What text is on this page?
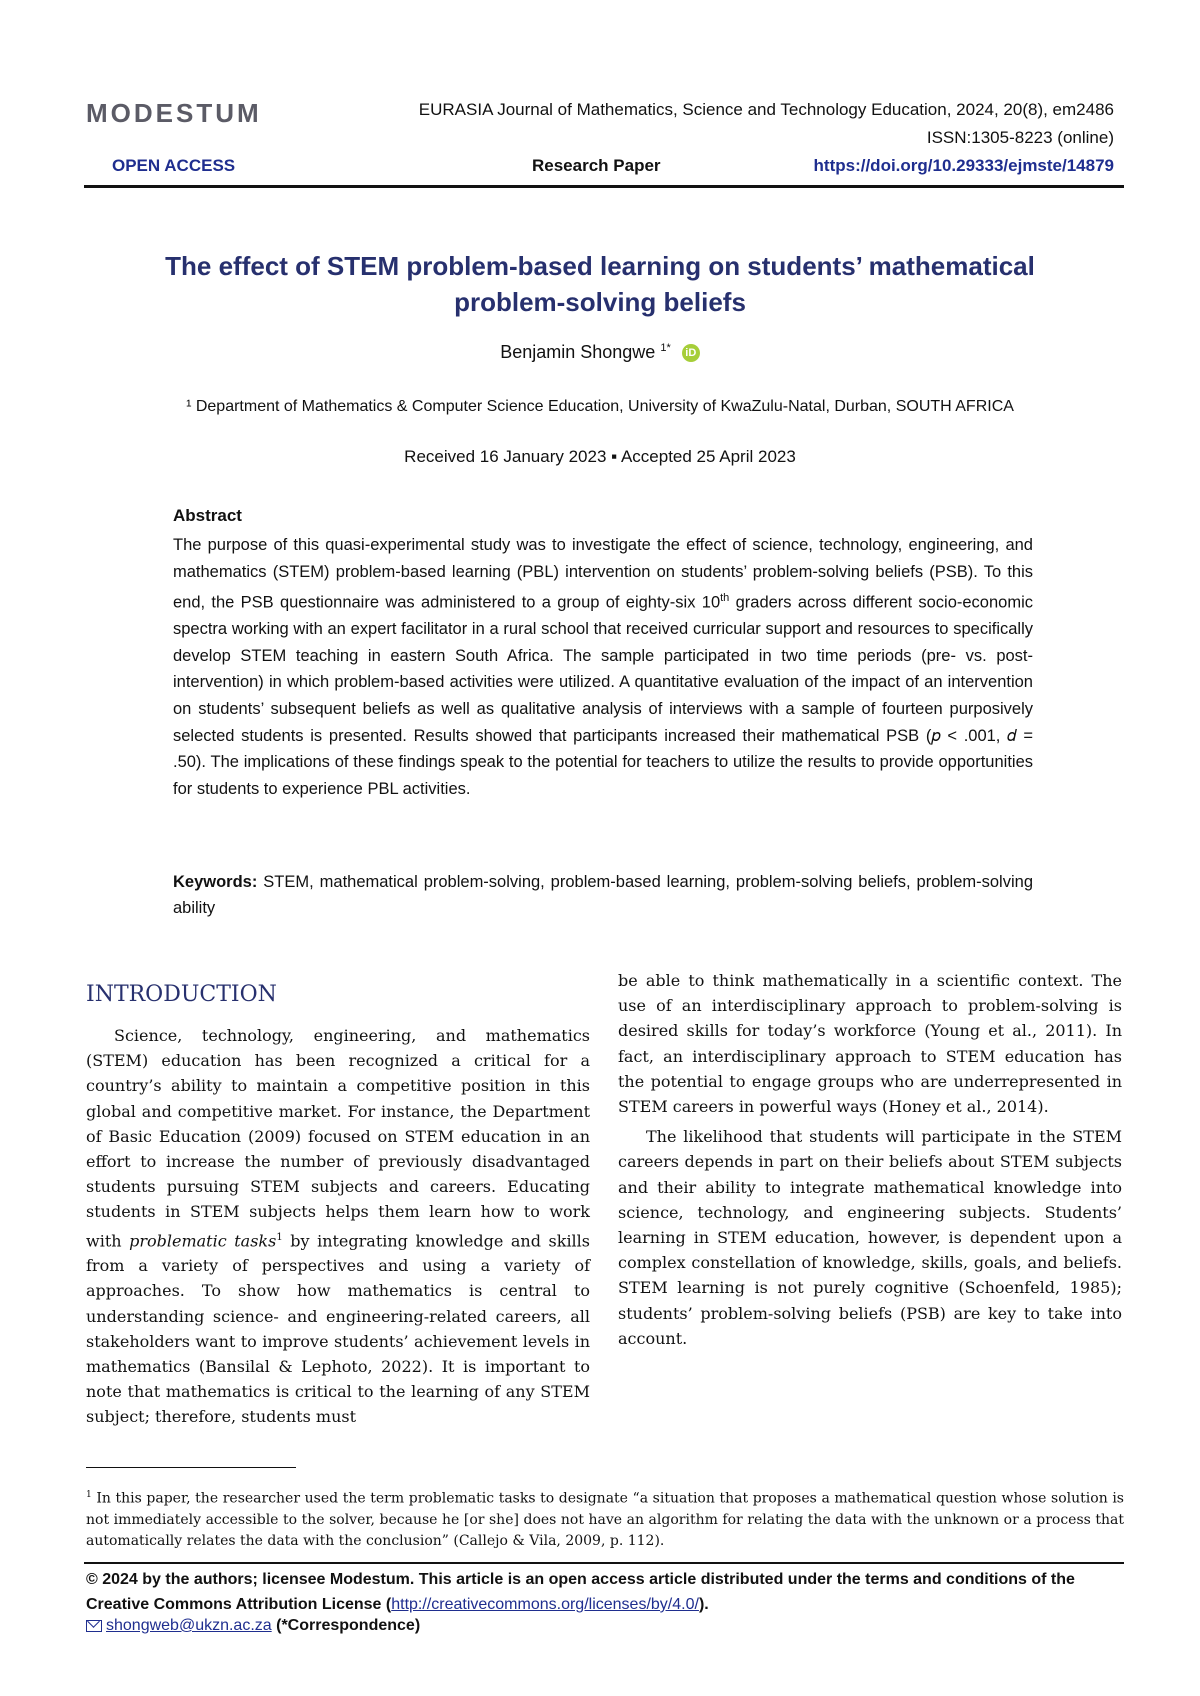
MODESTUM	EURASIA Journal of Mathematics, Science and Technology Education, 2024, 20(8), em2486
ISSN:1305-8223 (online)
OPEN ACCESS	Research Paper	https://doi.org/10.29333/ejmste/14879
The effect of STEM problem-based learning on students’ mathematical problem-solving beliefs
Benjamin Shongwe $^{1*}$ iD
¹ Department of Mathematics & Computer Science Education, University of KwaZulu-Natal, Durban, SOUTH AFRICA
Received 16 January 2023 ▪ Accepted 25 April 2023
Abstract
The purpose of this quasi-experimental study was to investigate the effect of science, technology, engineering, and mathematics (STEM) problem-based learning (PBL) intervention on students’ problem-solving beliefs (PSB). To this end, the PSB questionnaire was administered to a group of eighty-six 10th graders across different socio-economic spectra working with an expert facilitator in a rural school that received curricular support and resources to specifically develop STEM teaching in eastern South Africa. The sample participated in two time periods (pre- vs. post-intervention) in which problem-based activities were utilized. A quantitative evaluation of the impact of an intervention on students’ subsequent beliefs as well as qualitative analysis of interviews with a sample of fourteen purposively selected students is presented. Results showed that participants increased their mathematical PSB (𝑝 < .001, 𝑑 = .50). The implications of these findings speak to the potential for teachers to utilize the results to provide opportunities for students to experience PBL activities.
Keywords: STEM, mathematical problem-solving, problem-based learning, problem-solving beliefs, problem-solving ability
INTRODUCTION

Science, technology, engineering, and mathematics (STEM) education has been recognized a critical for a country’s ability to maintain a competitive position in this global and competitive market. For instance, the Department of Basic Education (2009) focused on STEM education in an effort to increase the number of previously disadvantaged students pursuing STEM subjects and careers. Educating students in STEM subjects helps them learn how to work with problematic tasks$^1$ by integrating knowledge and skills from a variety of perspectives and using a variety of approaches. To show how mathematics is central to understanding science- and engineering-related careers, all stakeholders want to improve students’ achievement levels in mathematics (Bansilal & Lephoto, 2022). It is important to note that mathematics is critical to the learning of any STEM subject; therefore, students must

be able to think mathematically in a scientific context. The use of an interdisciplinary approach to problem-solving is desired skills for today’s workforce (Young et al., 2011). In fact, an interdisciplinary approach to STEM education has the potential to engage groups who are underrepresented in STEM careers in powerful ways (Honey et al., 2014).

The likelihood that students will participate in the STEM careers depends in part on their beliefs about STEM subjects and their ability to integrate mathematical knowledge into science, technology, and engineering subjects. Students’ learning in STEM education, however, is dependent upon a complex constellation of knowledge, skills, goals, and beliefs. STEM learning is not purely cognitive (Schoenfeld, 1985); students’ problem-solving beliefs (PSB) are key to take into account.

$^1$ In this paper, the researcher used the term problematic tasks to designate “a situation that proposes a mathematical question whose solution is not immediately accessible to the solver, because he [or she] does not have an algorithm for relating the data with the unknown or a process that automatically relates the data with the conclusion” (Callejo & Vila, 2009, p. 112).
© 2024 by the authors; licensee Modestum. This article is an open access article distributed under the terms and conditions of the Creative Commons Attribution License (http://creativecommons.org/licenses/by/4.0/).
shongweb@ukzn.ac.za (*Correspondence)
